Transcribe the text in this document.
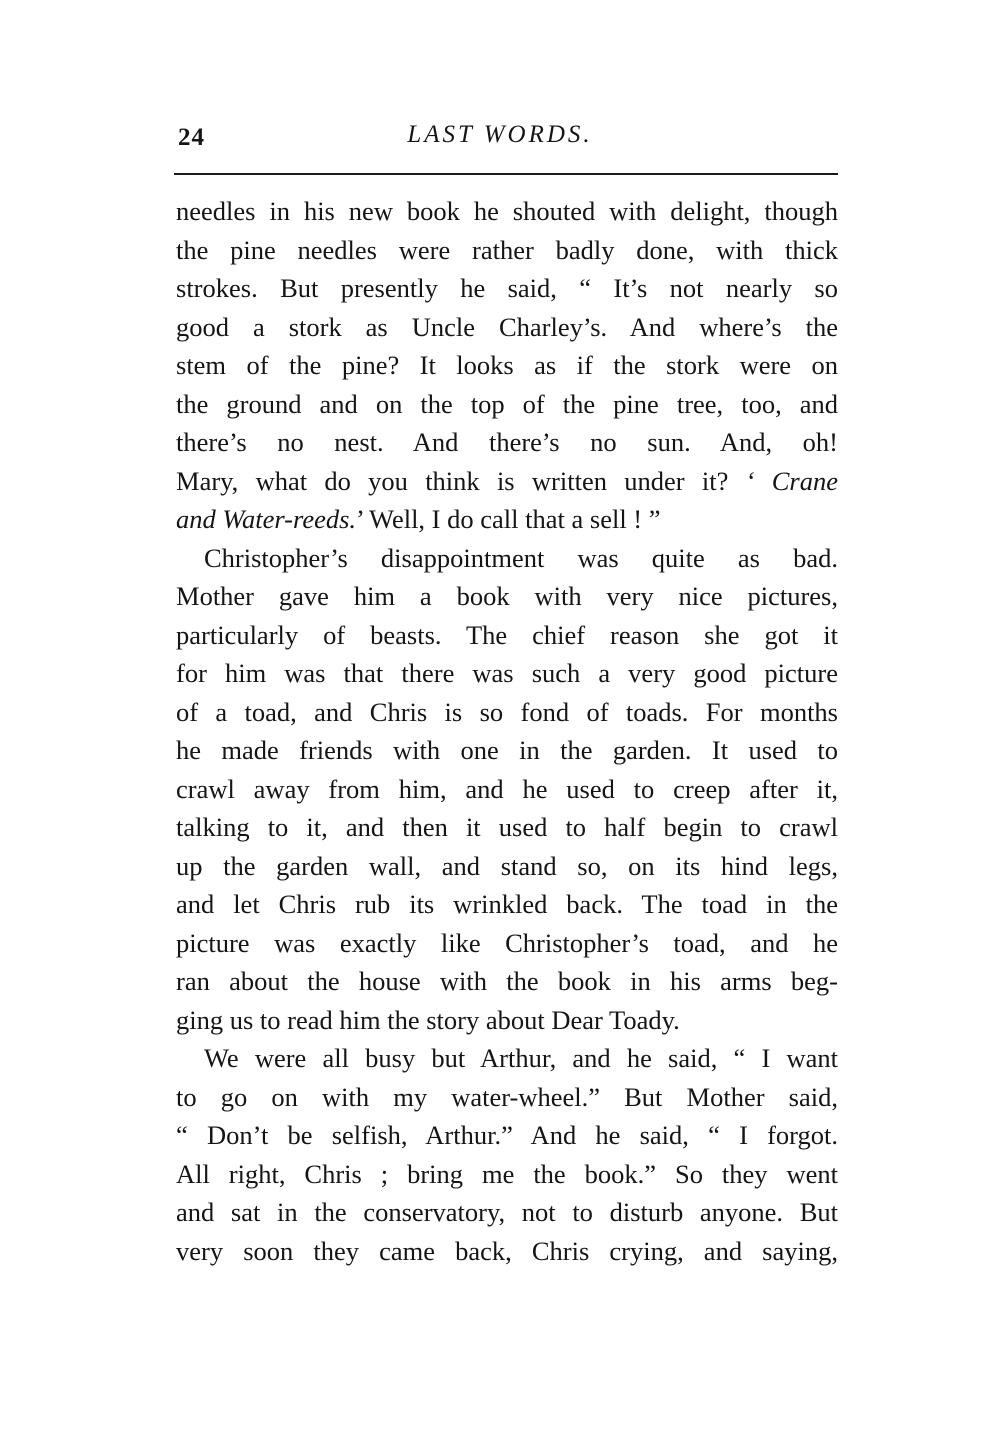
24	LAST WORDS.
needles in his new book he shouted with delight, though
the pine needles were rather badly done, with thick
strokes. But presently he said, “ It’s not nearly so
good a stork as Uncle Charley’s. And where’s the
stem of the pine? It looks as if the stork were on
the ground and on the top of the pine tree, too, and
there’s no nest. And there’s no sun. And, oh!
Mary, what do you think is written under it? ‘ Crane
and Water-reeds.’ Well, I do call that a sell ! ”
Christopher’s disappointment was quite as bad.
Mother gave him a book with very nice pictures,
particularly of beasts. The chief reason she got it
for him was that there was such a very good picture
of a toad, and Chris is so fond of toads. For months
he made friends with one in the garden. It used to
crawl away from him, and he used to creep after it,
talking to it, and then it used to half begin to crawl
up the garden wall, and stand so, on its hind legs,
and let Chris rub its wrinkled back. The toad in the
picture was exactly like Christopher’s toad, and he
ran about the house with the book in his arms beg-
ging us to read him the story about Dear Toady.
We were all busy but Arthur, and he said, “ I want
to go on with my water-wheel.” But Mother said,
“ Don’t be selfish, Arthur.” And he said, “ I forgot.
All right, Chris ; bring me the book.” So they went
and sat in the conservatory, not to disturb anyone. But
very soon they came back, Chris crying, and saying,
